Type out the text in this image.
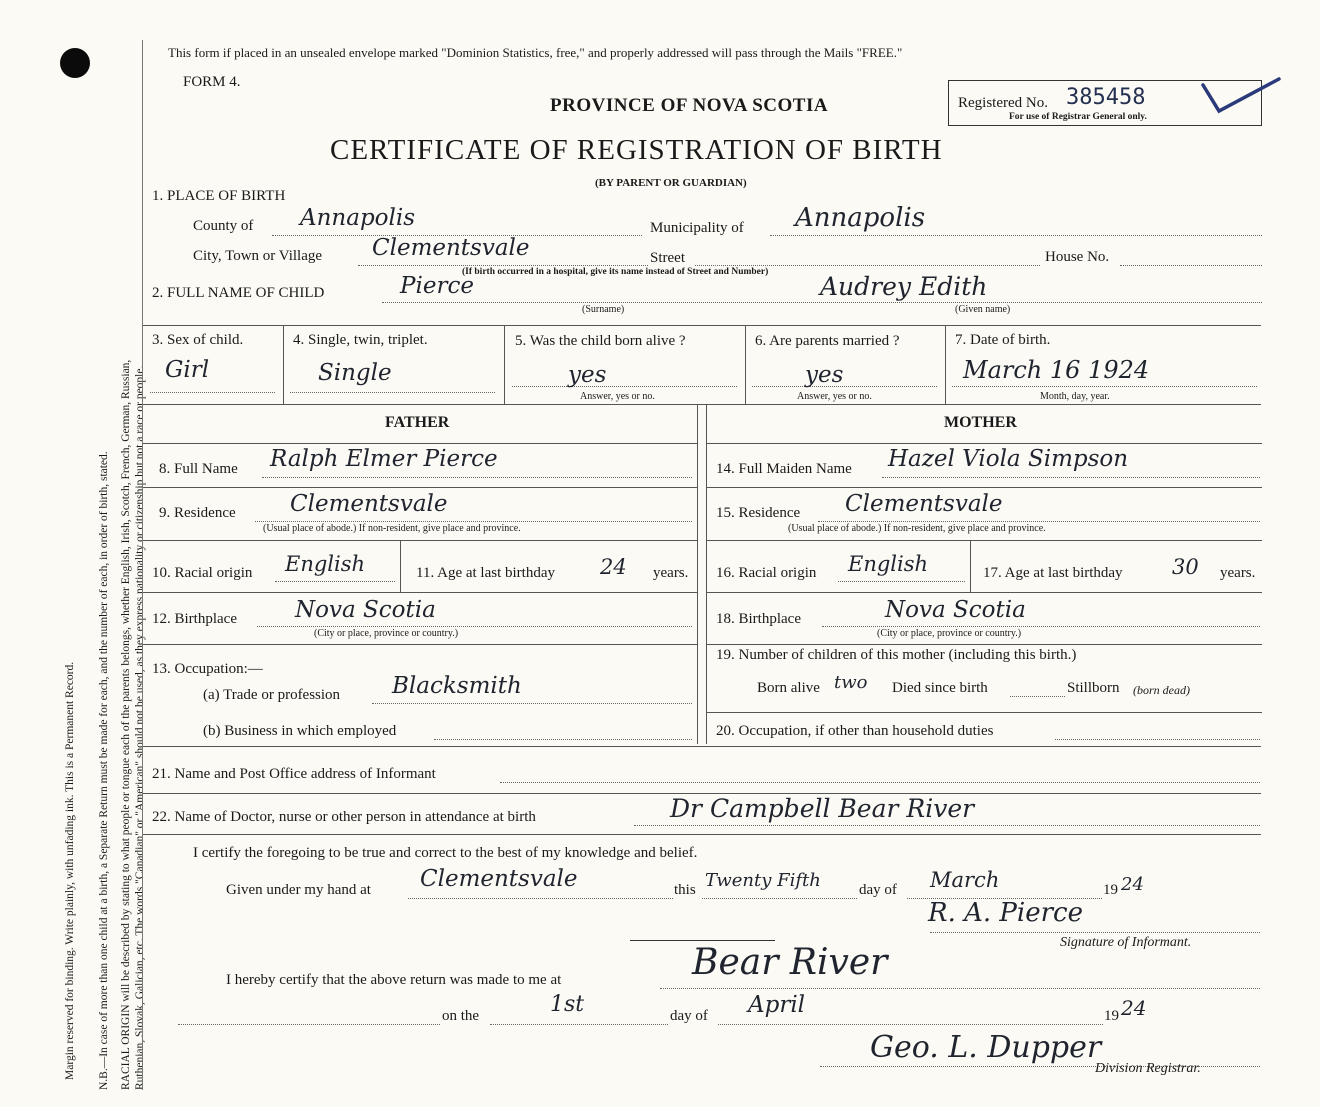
RACIAL ORIGIN will be described by stating to what people or tongue each of the parents belongs, whether English, Irish, Scotch, French, German, Russian, Ruthenian, Slovak, Galician, etc. The words "Canadian" or "American" should not be used, as they express nationality or citizenship but not a race or people.
N.B.—In case of more than one child at a birth, a Separate Return must be made for each, and the number of each, in order of birth, stated.
Margin reserved for binding. Write plainly, with unfading ink. This is a Permanent Record.
This form if placed in an unsealed envelope marked "Dominion Statistics, free," and properly addressed will pass through the Mails "FREE."
FORM 4.
PROVINCE OF NOVA SCOTIA
CERTIFICATE OF REGISTRATION OF BIRTH
(BY PARENT OR GUARDIAN)
Registered No. 385458
For use of Registrar General only.
1. PLACE OF BIRTH
County of Annapolis	Municipality of Annapolis
City, Town or Village Clementsvale	Street	House No.
(If birth occurred in a hospital, give its name instead of Street and Number)
2. FULL NAME OF CHILD	Pierce	Audrey Edith
(Surname)	(Given name)
3. Sex of child.
Girl
4. Single, twin, triplet.
Single
5. Was the child born alive ?
yes
Answer, yes or no.
6. Are parents married ?
yes
Answer, yes or no.
7. Date of birth.
March 16 1924
Month, day, year.
FATHER	MOTHER
8. Full Name Ralph Elmer Pierce
9. Residence Clementsvale
(Usual place of abode.) If non-resident, give place and province.
10. Racial origin English	11. Age at last birthday 24 years.
12. Birthplace	Nova Scotia
(City or place, province or country.)
13. Occupation:—
(a) Trade or profession Blacksmith
(b) Business in which employed
14. Full Maiden Name Hazel Viola Simpson
15. Residence Clementsvale
(Usual place of abode.) If non-resident, give place and province.
16. Racial origin English	17. Age at last birthday 30 years.
18. Birthplace	Nova Scotia
(City or place, province or country.)
19. Number of children of this mother (including this birth.)
Born alive two Died since birth	Stillborn (born dead)
20. Occupation, if other than household duties
21. Name and Post Office address of Informant
22. Name of Doctor, nurse or other person in attendance at birth	Dr Campbell Bear River
I certify the foregoing to be true and correct to the best of my knowledge and belief.
Given under my hand at Clementsvale	this Twenty Fifth	day of March	19 24
R. A. Pierce
Signature of Informant.
I hereby certify that the above return was made to me at	Bear River
on the	1st	day of April	19 24
Geo. L. Dupper
Division Registrar.
